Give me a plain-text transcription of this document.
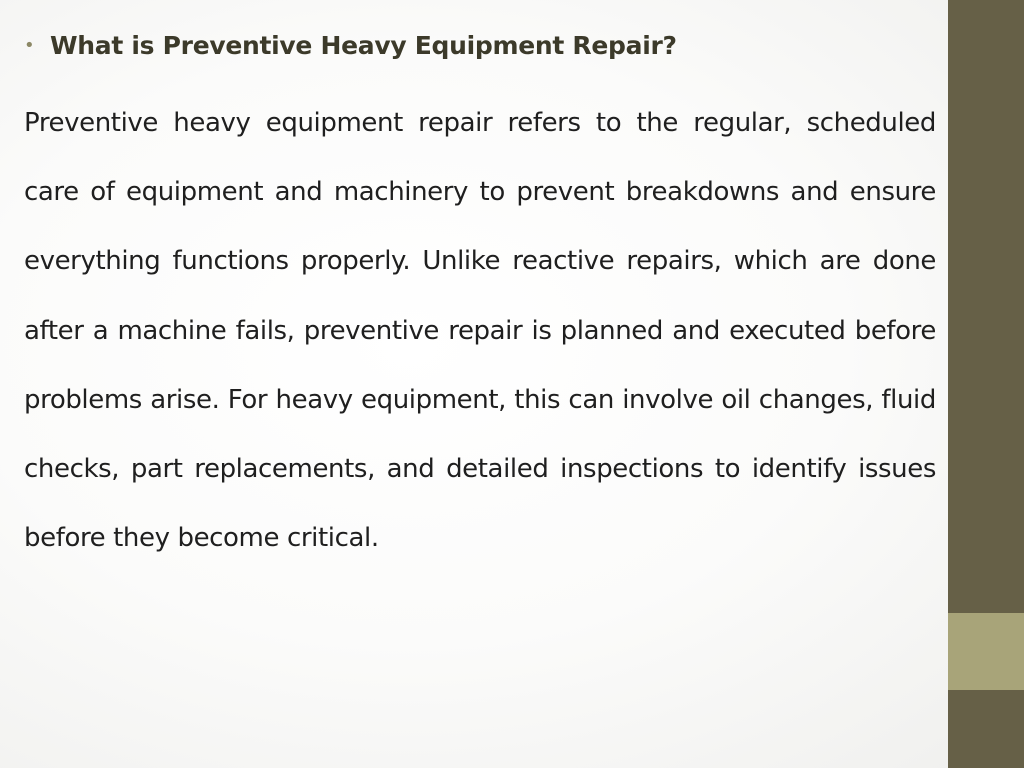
• What is Preventive Heavy Equipment Repair?

Preventive heavy equipment repair refers to the regular, scheduled care of equipment and machinery to prevent breakdowns and ensure everything functions properly. Unlike reactive repairs, which are done after a machine fails, preventive repair is planned and executed before problems arise. For heavy equipment, this can involve oil changes, fluid checks, part replacements, and detailed inspections to identify issues before they become critical.
